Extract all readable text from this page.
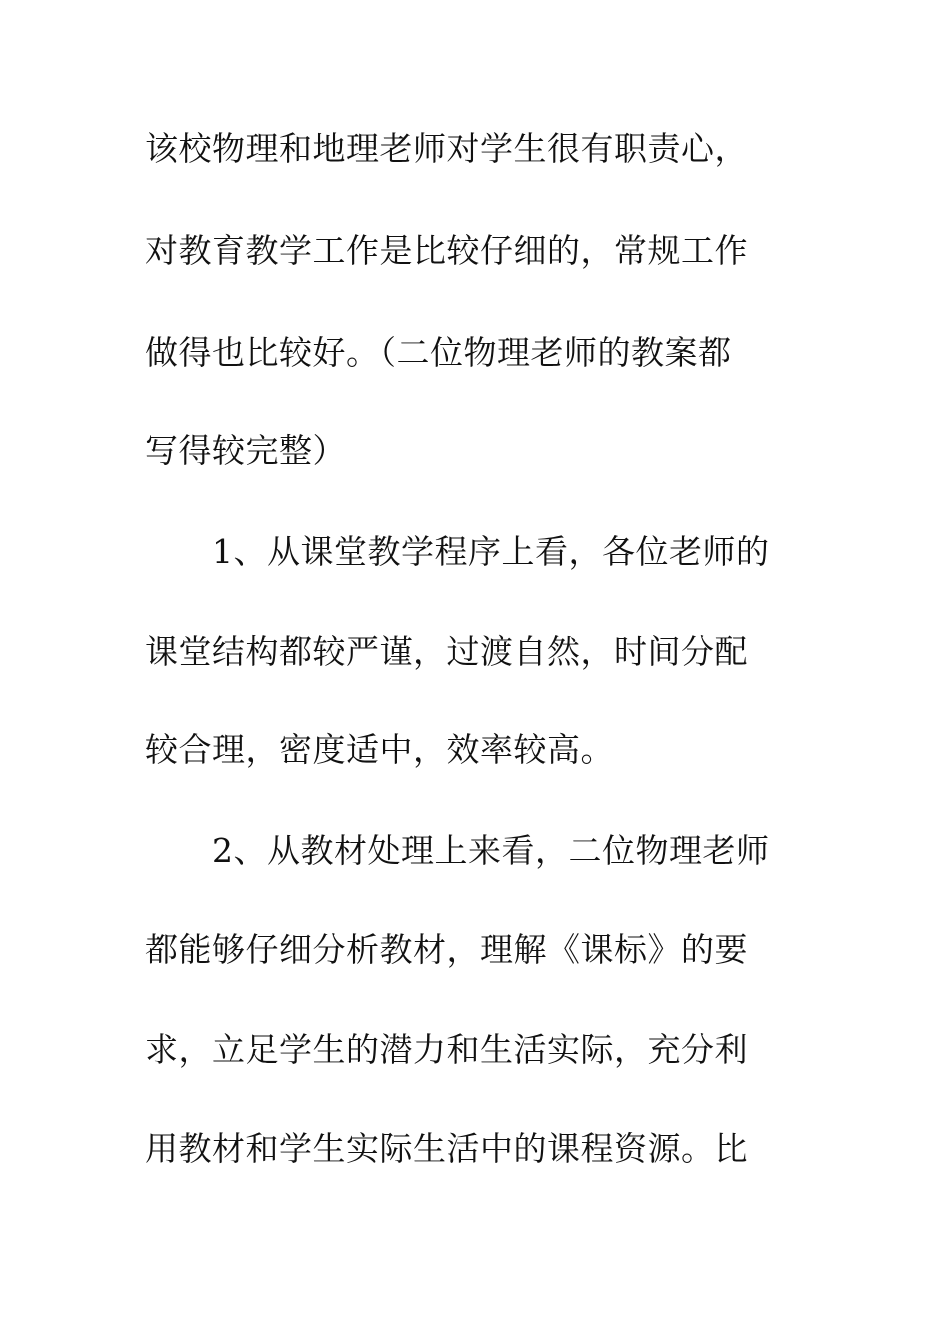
该校物理和地理老师对学生很有职责心，
对教育教学工作是比较仔细的，常规工作
做得也比较好。（二位物理老师的教案都
写得较完整）
1、从课堂教学程序上看，各位老师的
课堂结构都较严谨，过渡自然，时间分配
较合理，密度适中，效率较高。
2、从教材处理上来看，二位物理老师
都能够仔细分析教材，理解《课标》的要
求，立足学生的潜力和生活实际，充分利
用教材和学生实际生活中的课程资源。比
